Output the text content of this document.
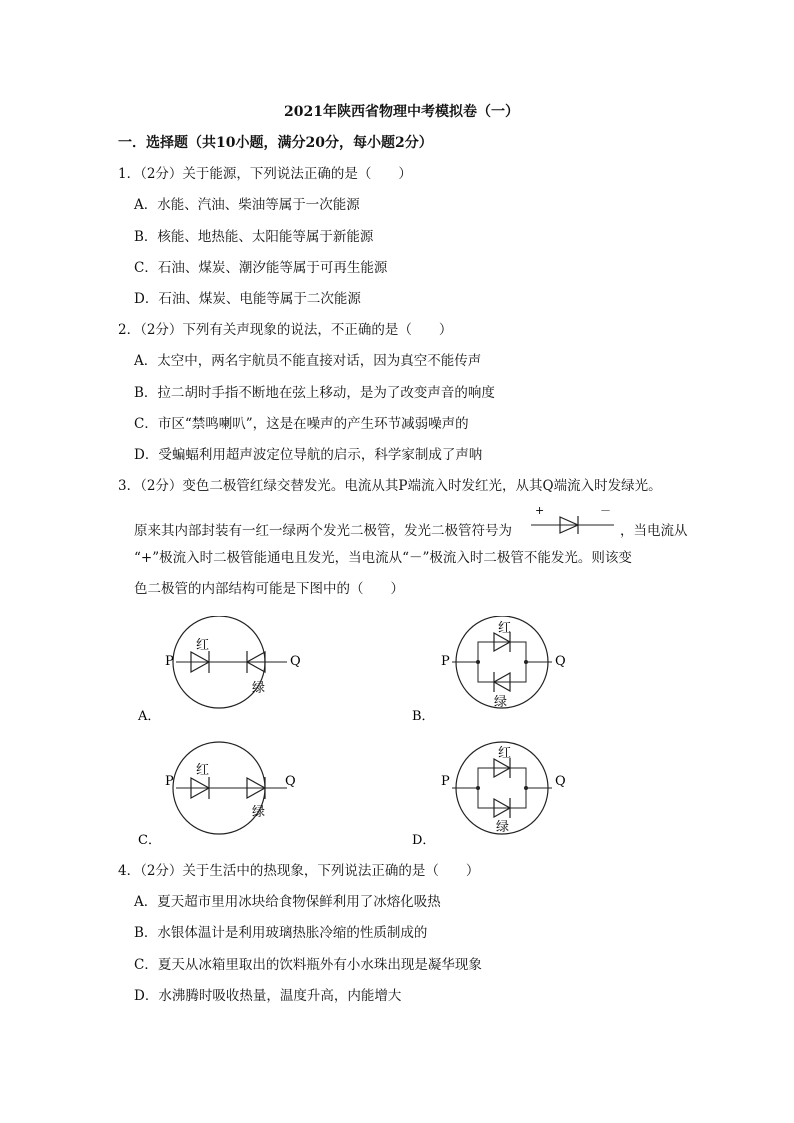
2021年陕西省物理中考模拟卷（一）
一．选择题（共10小题，满分20分，每小题2分）
1．（2分）关于能源，下列说法正确的是（　　）
A．水能、汽油、柴油等属于一次能源
B．核能、地热能、太阳能等属于新能源
C．石油、煤炭、潮汐能等属于可再生能源
D．石油、煤炭、电能等属于二次能源
2．（2分）下列有关声现象的说法，不正确的是（　　）
A．太空中，两名宇航员不能直接对话，因为真空不能传声
B．拉二胡时手指不断地在弦上移动，是为了改变声音的响度
C．市区“禁鸣喇叭”，这是在噪声的产生环节减弱噪声的
D．受蝙蝠利用超声波定位导航的启示，科学家制成了声呐
3．（2分）变色二极管红绿交替发光。电流从其P端流入时发红光，从其Q端流入时发绿光。
原来其内部封装有一红一绿两个发光二极管，发光二极管符号为
+	－
，当电流从
“+”极流入时二极管能通电且发光，当电流从“－”极流入时二极管不能发光。则该变
色二极管的内部结构可能是下图中的（　　）
P	Q
红
绿
A．
P	Q
红
绿
B．
P	Q
红
绿
C．
P	Q
红
绿
D．
4．（2分）关于生活中的热现象，下列说法正确的是（　　）
A．夏天超市里用冰块给食物保鲜利用了冰熔化吸热
B．水银体温计是利用玻璃热胀冷缩的性质制成的
C．夏天从冰箱里取出的饮料瓶外有小水珠出现是凝华现象
D．水沸腾时吸收热量，温度升高，内能增大
